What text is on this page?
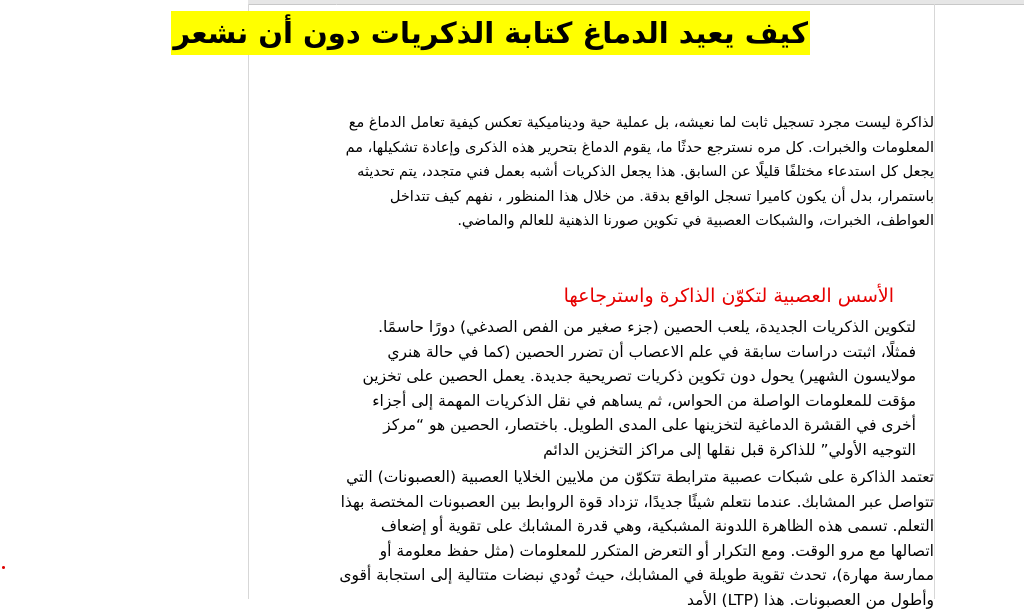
كيف يعيد الدماغ كتابة الذكريات دون أن نشعر
لذاكرة ليست مجرد تسجيل ثابت لما نعيشه، بل عملية حية وديناميكية تعكس كيفية تعامل الدماغ مع المعلومات والخبرات. كل مره نسترجع حدثًا ما، يقوم الدماغ بتحرير هذه الذكرى وإعادة تشكيلها، مم يجعل كل استدعاء مختلفًا قليلًا عن السابق. هذا يجعل الذكريات أشبه بعمل فني متجدد، يتم تحديثه باستمرار، بدل أن يكون كاميرا تسجل الواقع بدقة. من خلال هذا المنظور ، نفهم كيف تتداخل العواطف، الخبرات، والشبكات العصبية في تكوين صورنا الذهنية للعالم والماضي.
الأسس العصبية لتكوّن الذاكرة واسترجاعها
لتكوين الذكريات الجديدة، يلعب الحصين (جزء صغير من الفص الصدغي) دورًا حاسمًا. فمثلًا، اثبتت دراسات سابقة في علم الاعصاب أن تضرر الحصين (كما في حالة هنري مولايسون الشهير) يحول دون تكوين ذكريات تصريحية جديدة. يعمل الحصين على تخزين مؤقت للمعلومات الواصلة من الحواس، ثم يساهم في نقل الذكريات المهمة إلى أجزاء أخرى في القشرة الدماغية لتخزينها على المدى الطويل. باختصار، الحصين هو “مركز التوجيه الأولي” للذاكرة قبل نقلها إلى مراكز التخزين الدائم
تعتمد الذاكرة على شبكات عصبية مترابطة تتكوّن من ملايين الخلايا العصبية (العصبونات) التي تتواصل عبر المشابك. عندما نتعلم شيئًا جديدًا، تزداد قوة الروابط بين العصبونات المختصة بهذا التعلم. تسمى هذه الظاهرة اللدونة المشبكية، وهي قدرة المشابك على تقوية أو إضعاف اتصالها مع مرو الوقت. ومع التكرار أو التعرض المتكرر للمعلومات (مثل حفظ معلومة أو ممارسة مهارة)، تحدث تقوية طويلة في المشابك، حيث تُودي نبضات متتالية إلى استجابة أقوى وأطول من العصبونات. هذا (LTP) الأمد
